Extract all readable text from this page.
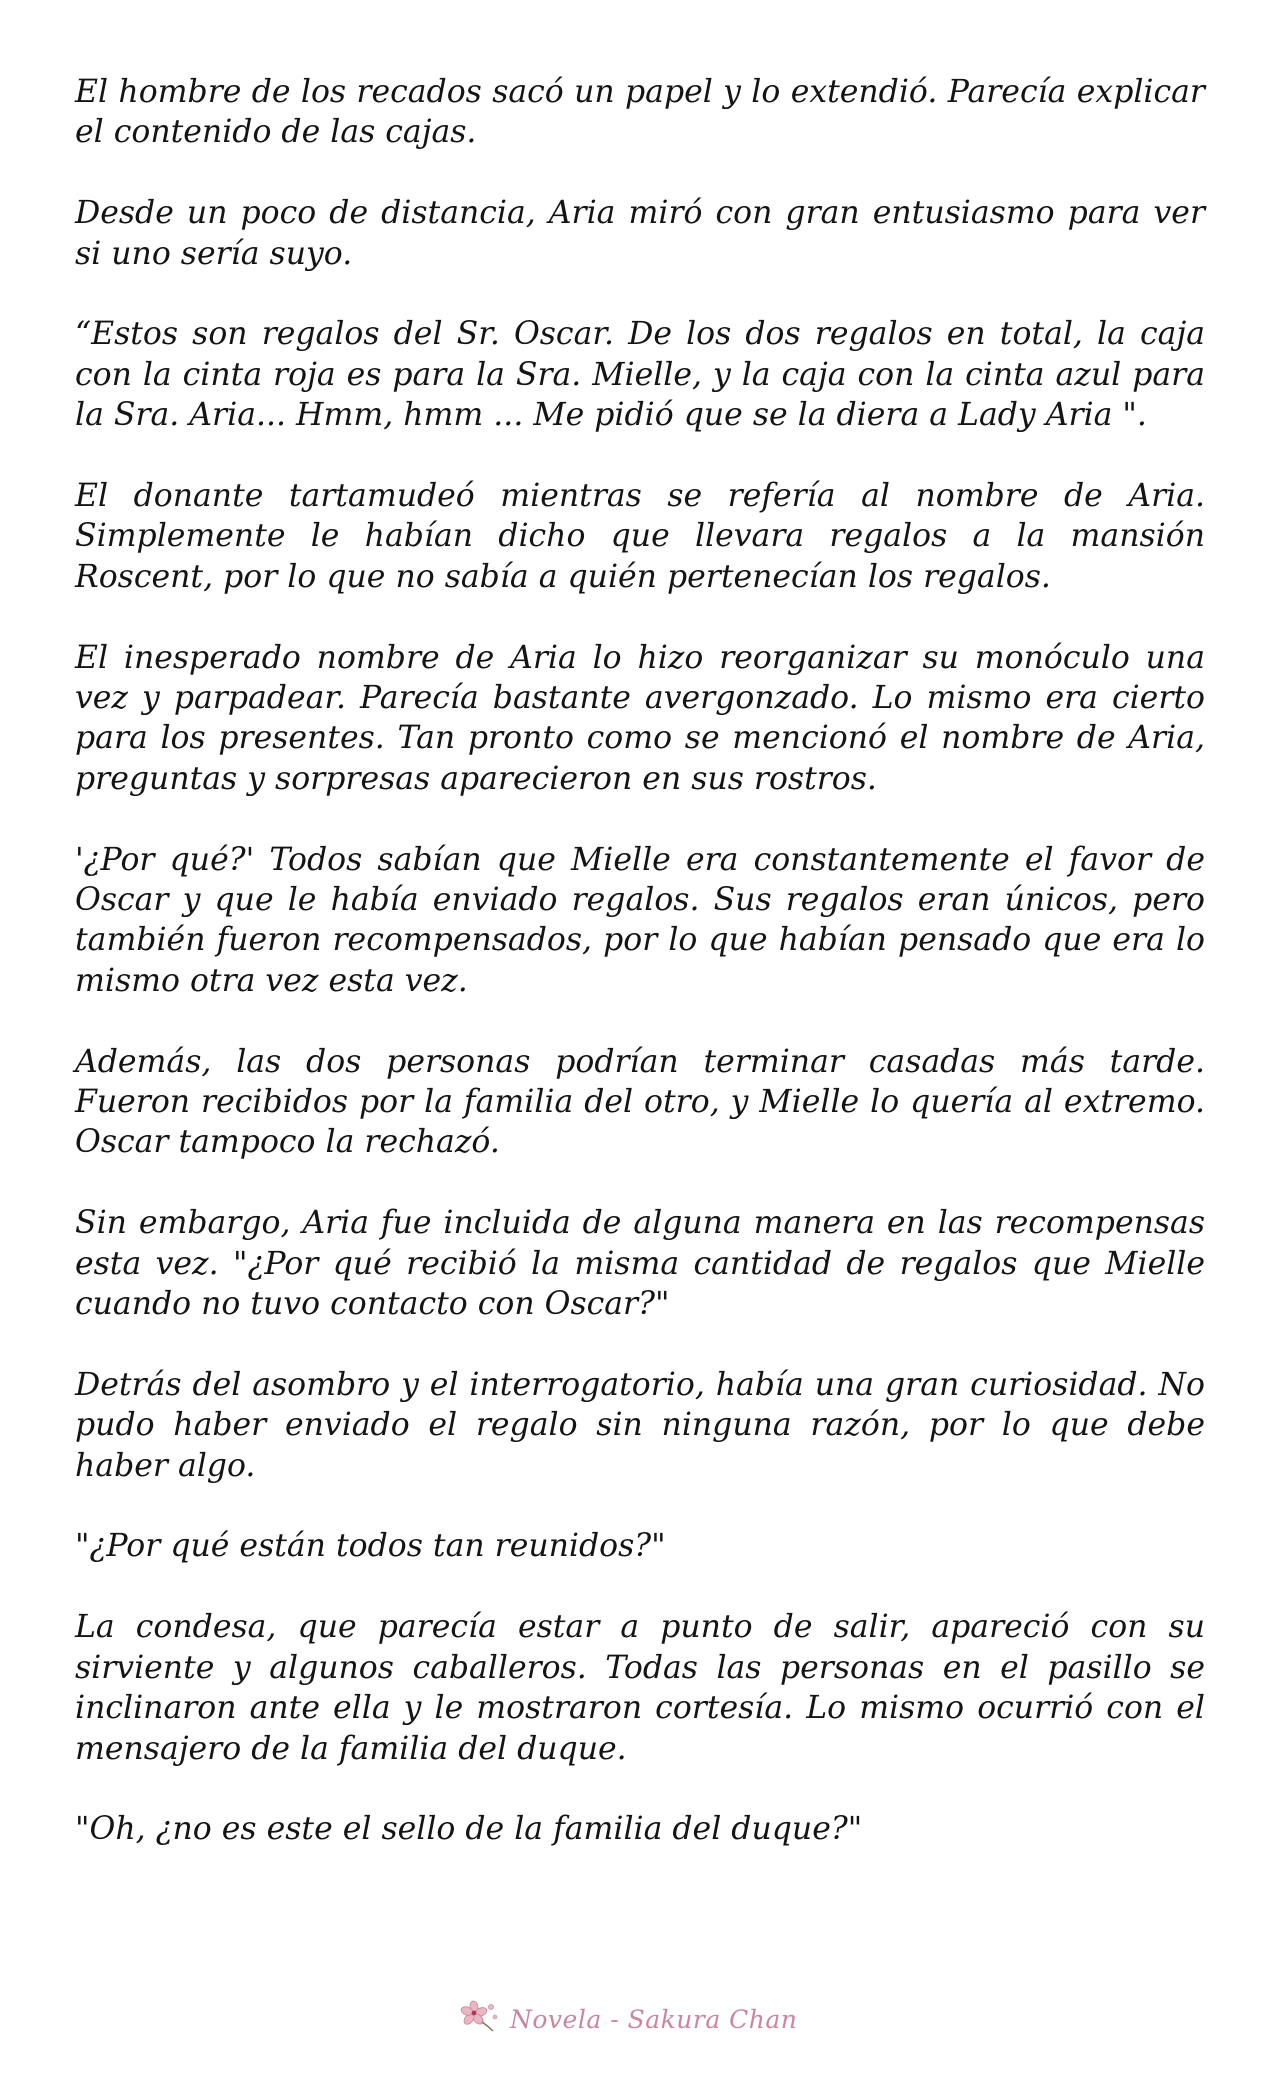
El hombre de los recados sacó un papel y lo extendió. Parecía explicar el contenido de las cajas.

Desde un poco de distancia, Aria miró con gran entusiasmo para ver si uno sería suyo.

“Estos son regalos del Sr. Oscar. De los dos regalos en total, la caja con la cinta roja es para la Sra. Mielle, y la caja con la cinta azul para la Sra. Aria... Hmm, hmm ... Me pidió que se la diera a Lady Aria ".

El donante tartamudeó mientras se refería al nombre de Aria. Simplemente le habían dicho que llevara regalos a la mansión Roscent, por lo que no sabía a quién pertenecían los regalos.

El inesperado nombre de Aria lo hizo reorganizar su monóculo una vez y parpadear. Parecía bastante avergonzado. Lo mismo era cierto para los presentes. Tan pronto como se mencionó el nombre de Aria, preguntas y sorpresas aparecieron en sus rostros.

'¿Por qué?' Todos sabían que Mielle era constantemente el favor de Oscar y que le había enviado regalos. Sus regalos eran únicos, pero también fueron recompensados, por lo que habían pensado que era lo mismo otra vez esta vez.

Además, las dos personas podrían terminar casadas más tarde. Fueron recibidos por la familia del otro, y Mielle lo quería al extremo. Oscar tampoco la rechazó.

Sin embargo, Aria fue incluida de alguna manera en las recompensas esta vez. "¿Por qué recibió la misma cantidad de regalos que Mielle cuando no tuvo contacto con Oscar?"

Detrás del asombro y el interrogatorio, había una gran curiosidad. No pudo haber enviado el regalo sin ninguna razón, por lo que debe haber algo.

"¿Por qué están todos tan reunidos?"

La condesa, que parecía estar a punto de salir, apareció con su sirviente y algunos caballeros. Todas las personas en el pasillo se inclinaron ante ella y le mostraron cortesía. Lo mismo ocurrió con el mensajero de la familia del duque.

"Oh, ¿no es este el sello de la familia del duque?"

Novela - Sakura Chan
